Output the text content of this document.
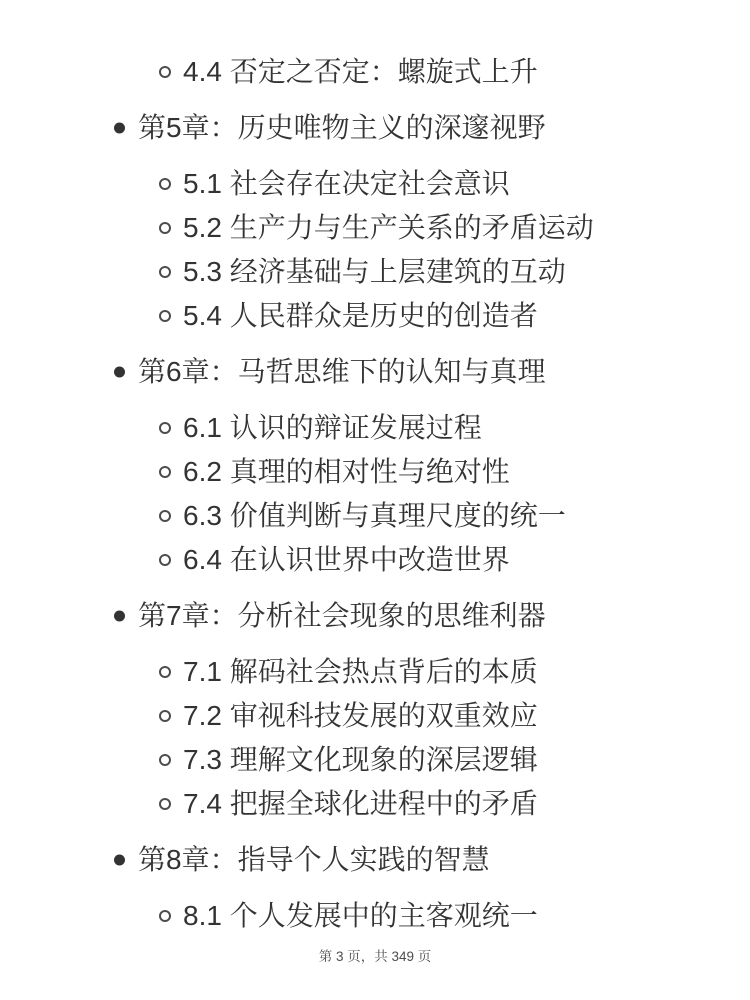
4.4 否定之否定：螺旋式上升
第5章：历史唯物主义的深邃视野
5.1 社会存在决定社会意识
5.2 生产力与生产关系的矛盾运动
5.3 经济基础与上层建筑的互动
5.4 人民群众是历史的创造者
第6章：马哲思维下的认知与真理
6.1 认识的辩证发展过程
6.2 真理的相对性与绝对性
6.3 价值判断与真理尺度的统一
6.4 在认识世界中改造世界
第7章：分析社会现象的思维利器
7.1 解码社会热点背后的本质
7.2 审视科技发展的双重效应
7.3 理解文化现象的深层逻辑
7.4 把握全球化进程中的矛盾
第8章：指导个人实践的智慧
8.1 个人发展中的主客观统一
第 3 页，共 349 页
